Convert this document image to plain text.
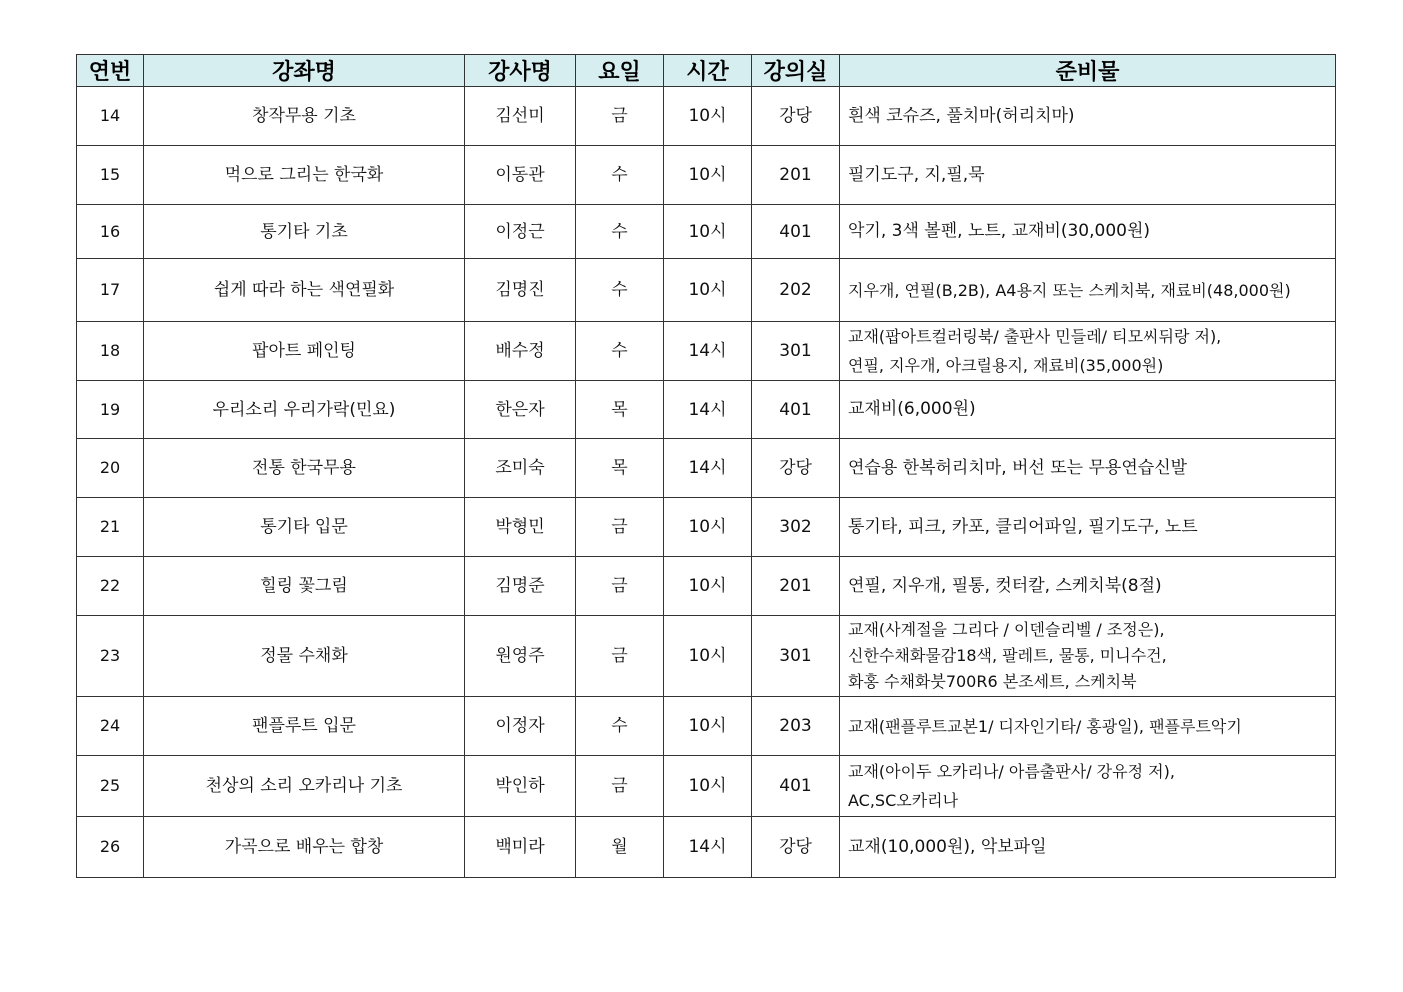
연번	강좌명	강사명	요일	시간	강의실	준비물
14	창작무용 기초	김선미	금	10시	강당	흰색 코슈즈, 풀치마(허리치마)
15	먹으로 그리는 한국화	이동관	수	10시	201	필기도구, 지,필,묵
16	통기타 기초	이정근	수	10시	401	악기, 3색 볼펜, 노트, 교재비(30,000원)
17	쉽게 따라 하는 색연필화	김명진	수	10시	202	지우개, 연필(B,2B), A4용지 또는 스케치북, 재료비(48,000원)
18	팝아트 페인팅	배수정	수	14시	301	교재(팝아트컬러링북/ 출판사 민들레/ 티모씨뒤랑 저),
연필, 지우개, 아크릴용지, 재료비(35,000원)
19	우리소리 우리가락(민요)	한은자	목	14시	401	교재비(6,000원)
20	전통 한국무용	조미숙	목	14시	강당	연습용 한복허리치마, 버선 또는 무용연습신발
21	통기타 입문	박형민	금	10시	302	통기타, 피크, 카포, 클리어파일, 필기도구, 노트
22	힐링 꽃그림	김명준	금	10시	201	연필, 지우개, 필통, 컷터칼, 스케치북(8절)
23	정물 수채화	원영주	금	10시	301	교재(사계절을 그리다 / 이덴슬리벨 / 조정은),
신한수채화물감18색, 팔레트, 물통, 미니수건,
화홍 수채화붓700R6 본조세트, 스케치북
24	팬플루트 입문	이정자	수	10시	203	교재(팬플루트교본1/ 디자인기타/ 홍광일), 팬플루트악기
25	천상의 소리 오카리나 기초	박인하	금	10시	401	교재(아이두 오카리나/ 아름출판사/ 강유정 저),
AC,SC오카리나
26	가곡으로 배우는 합창	백미라	월	14시	강당	교재(10,000원), 악보파일
